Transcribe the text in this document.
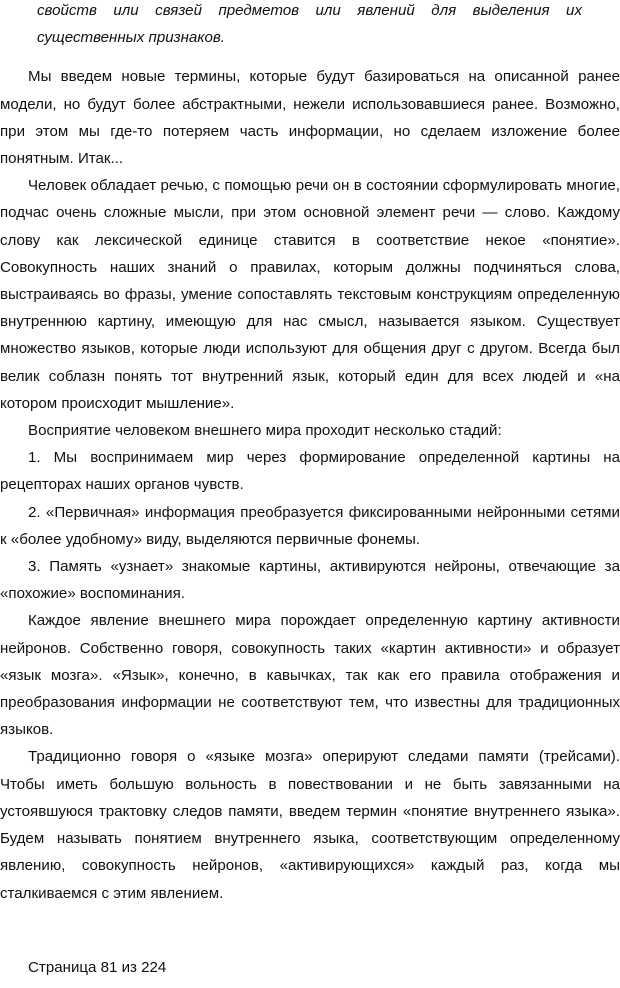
свойств или связей предметов или явлений для выделения их существенных признаков.

Мы введем новые термины, которые будут базироваться на описанной ранее модели, но будут более абстрактными, нежели использовавшиеся ранее. Возможно, при этом мы где-то потеряем часть информации, но сделаем изложение более понятным. Итак...

Человек обладает речью, с помощью речи он в состоянии сформулировать многие, подчас очень сложные мысли, при этом основной элемент речи — слово. Каждому слову как лексической единице ставится в соответствие некое «понятие». Совокупность наших знаний о правилах, которым должны подчиняться слова, выстраиваясь во фразы, умение сопоставлять текстовым конструкциям определенную внутреннюю картину, имеющую для нас смысл, называется языком. Существует множество языков, которые люди используют для общения друг с другом. Всегда был велик соблазн понять тот внутренний язык, который един для всех людей и «на котором происходит мышление».

Восприятие человеком внешнего мира проходит несколько стадий:

1. Мы воспринимаем мир через формирование определенной картины на рецепторах наших органов чувств.

2. «Первичная» информация преобразуется фиксированными нейронными сетями к «более удобному» виду, выделяются первичные фонемы.

3. Память «узнает» знакомые картины, активируются нейроны, отвечающие за «похожие» воспоминания.

Каждое явление внешнего мира порождает определенную картину активности нейронов. Собственно говоря, совокупность таких «картин активности» и образует «язык мозга». «Язык», конечно, в кавычках, так как его правила отображения и преобразования информации не соответствуют тем, что известны для традиционных языков.

Традиционно говоря о «языке мозга» оперируют следами памяти (трейсами). Чтобы иметь большую вольность в повествовании и не быть завязанными на устоявшуюся трактовку следов памяти, введем термин «понятие внутреннего языка». Будем называть понятием внутреннего языка, соответствующим определенному явлению, совокупность нейронов, «активирующихся» каждый раз, когда мы сталкиваемся с этим явлением.

Страница 81 из 224
